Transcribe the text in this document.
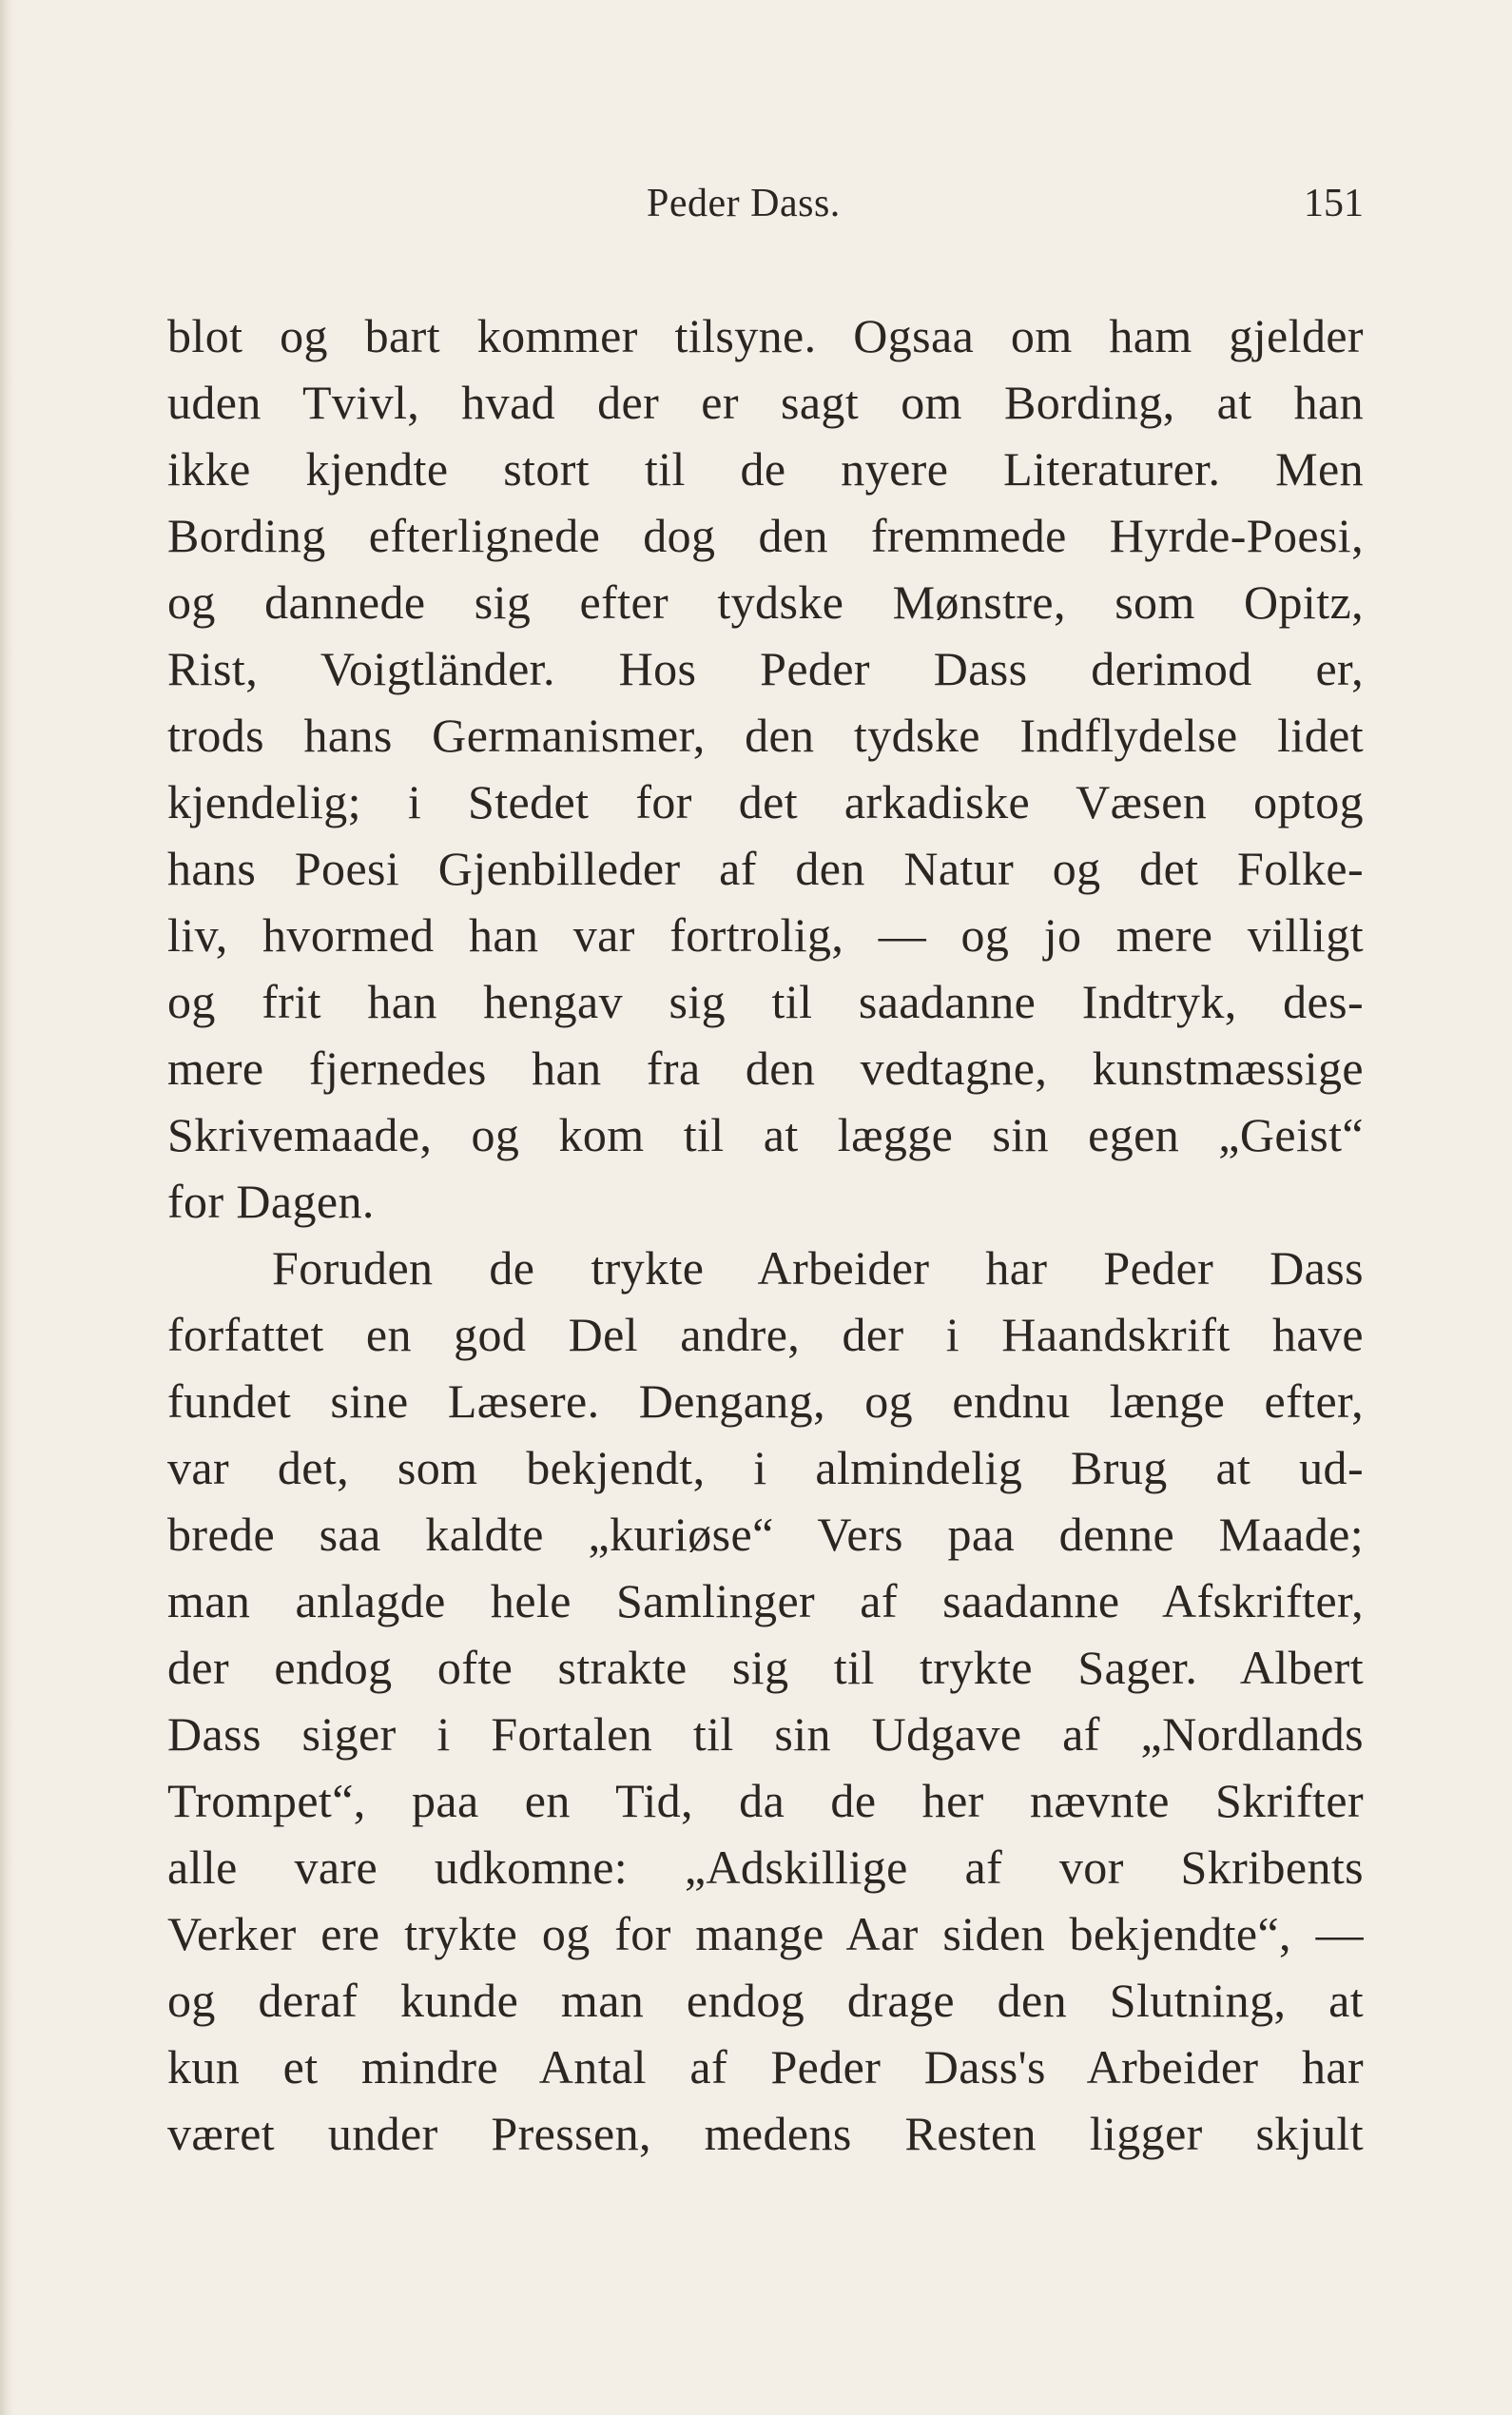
Peder Dass.	151
blot og bart kommer tilsyne. Ogsaa om ham gjelder
uden Tvivl, hvad der er sagt om Bording, at han
ikke kjendte stort til de nyere Literaturer. Men
Bording efterlignede dog den fremmede Hyrde-Poesi,
og dannede sig efter tydske Mønstre, som Opitz,
Rist, Voigtländer. Hos Peder Dass derimod er,
trods hans Germanismer, den tydske Indflydelse lidet
kjendelig; i Stedet for det arkadiske Væsen optog
hans Poesi Gjenbilleder af den Natur og det Folke-
liv, hvormed han var fortrolig, — og jo mere villigt
og frit han hengav sig til saadanne Indtryk, des-
mere fjernedes han fra den vedtagne, kunstmæssige
Skrivemaade, og kom til at lægge sin egen „Geist“
for Dagen.
Foruden de trykte Arbeider har Peder Dass
forfattet en god Del andre, der i Haandskrift have
fundet sine Læsere. Dengang, og endnu længe efter,
var det, som bekjendt, i almindelig Brug at ud-
brede saa kaldte „kuriøse“ Vers paa denne Maade;
man anlagde hele Samlinger af saadanne Afskrifter,
der endog ofte strakte sig til trykte Sager. Albert
Dass siger i Fortalen til sin Udgave af „Nordlands
Trompet“, paa en Tid, da de her nævnte Skrifter
alle vare udkomne: „Adskillige af vor Skribents
Verker ere trykte og for mange Aar siden bekjendte“, —
og deraf kunde man endog drage den Slutning, at
kun et mindre Antal af Peder Dass's Arbeider har
været under Pressen, medens Resten ligger skjult
